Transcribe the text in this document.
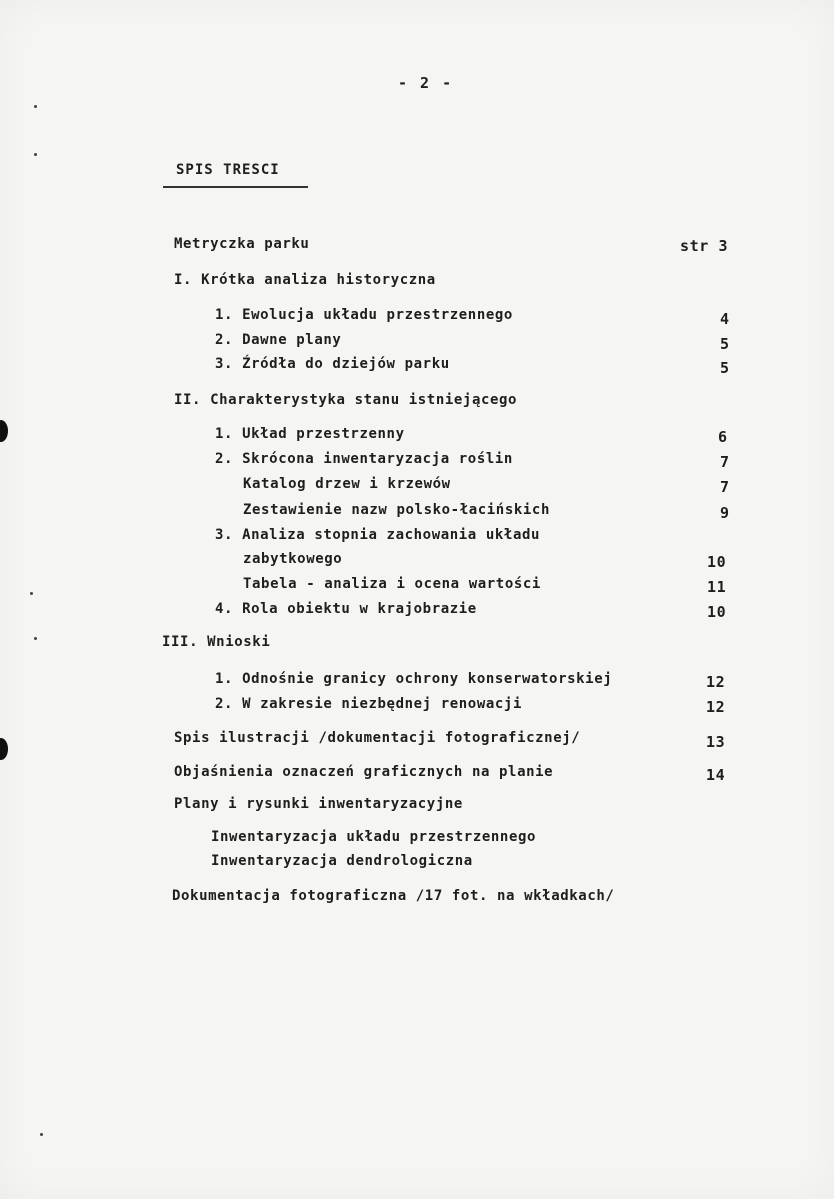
- 2 -
SPIS TRESCI
Metryczka parku	str 3
I. Krótka analiza historyczna
1. Ewolucja układu przestrzennego	4
2. Dawne plany	5
3. Źródła do dziejów parku	5
II. Charakterystyka stanu istniejącego
1. Układ przestrzenny	6
2. Skrócona inwentaryzacja roślin	7
Katalog drzew i krzewów	7
Zestawienie nazw polsko-łacińskich	9
3. Analiza stopnia zachowania układu
zabytkowego	10
Tabela - analiza i ocena wartości	11
4. Rola obiektu w krajobrazie	10
III. Wnioski
1. Odnośnie granicy ochrony konserwatorskiej	12
2. W zakresie niezbędnej renowacji	12
Spis ilustracji /dokumentacji fotograficznej/	13
Objaśnienia oznaczeń graficznych na planie	14
Plany i rysunki inwentaryzacyjne
Inwentaryzacja układu przestrzennego
Inwentaryzacja dendrologiczna
Dokumentacja fotograficzna /17 fot. na wkładkach/
